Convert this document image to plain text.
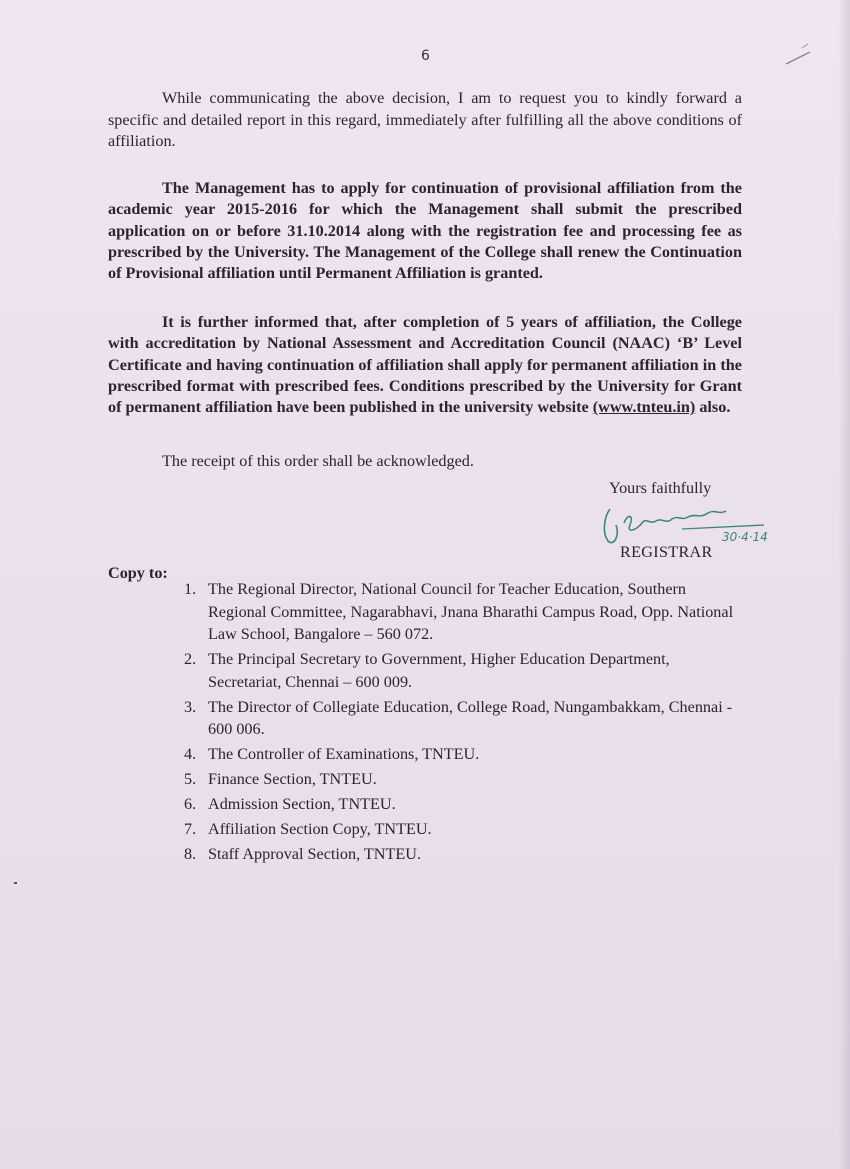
6

While communicating the above decision, I am to request you to kindly forward a specific and detailed report in this regard, immediately after fulfilling all the above conditions of affiliation.

The Management has to apply for continuation of provisional affiliation from the academic year 2015-2016 for which the Management shall submit the prescribed application on or before 31.10.2014 along with the registration fee and processing fee as prescribed by the University. The Management of the College shall renew the Continuation of Provisional affiliation until Permanent Affiliation is granted.

It is further informed that, after completion of 5 years of affiliation, the College with accreditation by National Assessment and Accreditation Council (NAAC) ‘B’ Level Certificate and having continuation of affiliation shall apply for permanent affiliation in the prescribed format with prescribed fees. Conditions prescribed by the University for Grant of permanent affiliation have been published in the university website (www.tnteu.in) also.

The receipt of this order shall be acknowledged.

Yours faithfully
30·4·14
REGISTRAR
Copy to:
1. The Regional Director, National Council for Teacher Education, Southern Regional Committee, Nagarabhavi, Jnana Bharathi Campus Road, Opp. National Law School, Bangalore – 560 072.
2. The Principal Secretary to Government, Higher Education Department, Secretariat, Chennai – 600 009.
3. The Director of Collegiate Education, College Road, Nungambakkam, Chennai - 600 006.
4. The Controller of Examinations, TNTEU.
5. Finance Section, TNTEU.
6. Admission Section, TNTEU.
7. Affiliation Section Copy, TNTEU.
8. Staff Approval Section, TNTEU.
